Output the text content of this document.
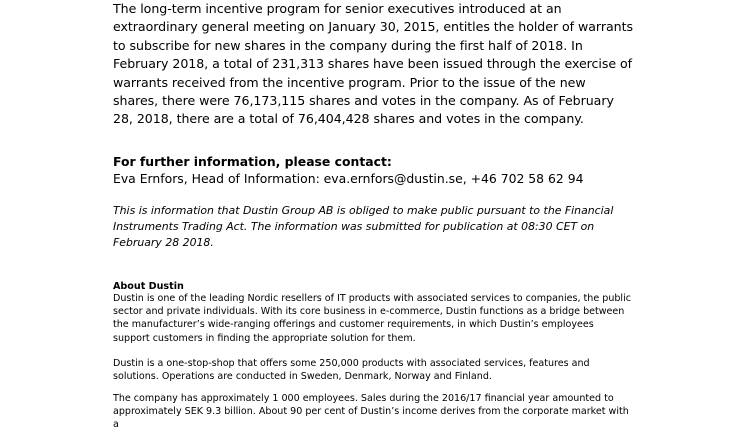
The long-term incentive program for senior executives introduced at an extraordinary general meeting on January 30, 2015, entitles the holder of warrants to subscribe for new shares in the company during the first half of 2018. In February 2018, a total of 231,313 shares have been issued through the exercise of warrants received from the incentive program. Prior to the issue of the new shares, there were 76,173,115 shares and votes in the company. As of February 28, 2018, there are a total of 76,404,428 shares and votes in the company.

For further information, please contact:

Eva Ernfors, Head of Information: eva.ernfors@dustin.se, +46 702 58 62 94

This is information that Dustin Group AB is obliged to make public pursuant to the Financial Instruments Trading Act. The information was submitted for publication at 08:30 CET on February 28 2018.

About Dustin

Dustin is one of the leading Nordic resellers of IT products with associated services to companies, the public sector and private individuals. With its core business in e-commerce, Dustin functions as a bridge between the manufacturer’s wide-ranging offerings and customer requirements, in which Dustin’s employees support customers in finding the appropriate solution for them.

Dustin is a one-stop-shop that offers some 250,000 products with associated services, features and solutions. Operations are conducted in Sweden, Denmark, Norway and Finland.

The company has approximately 1 000 employees. Sales during the 2016/17 financial year amounted to approximately SEK 9.3 billion. About 90 per cent of Dustin’s income derives from the corporate market with a
